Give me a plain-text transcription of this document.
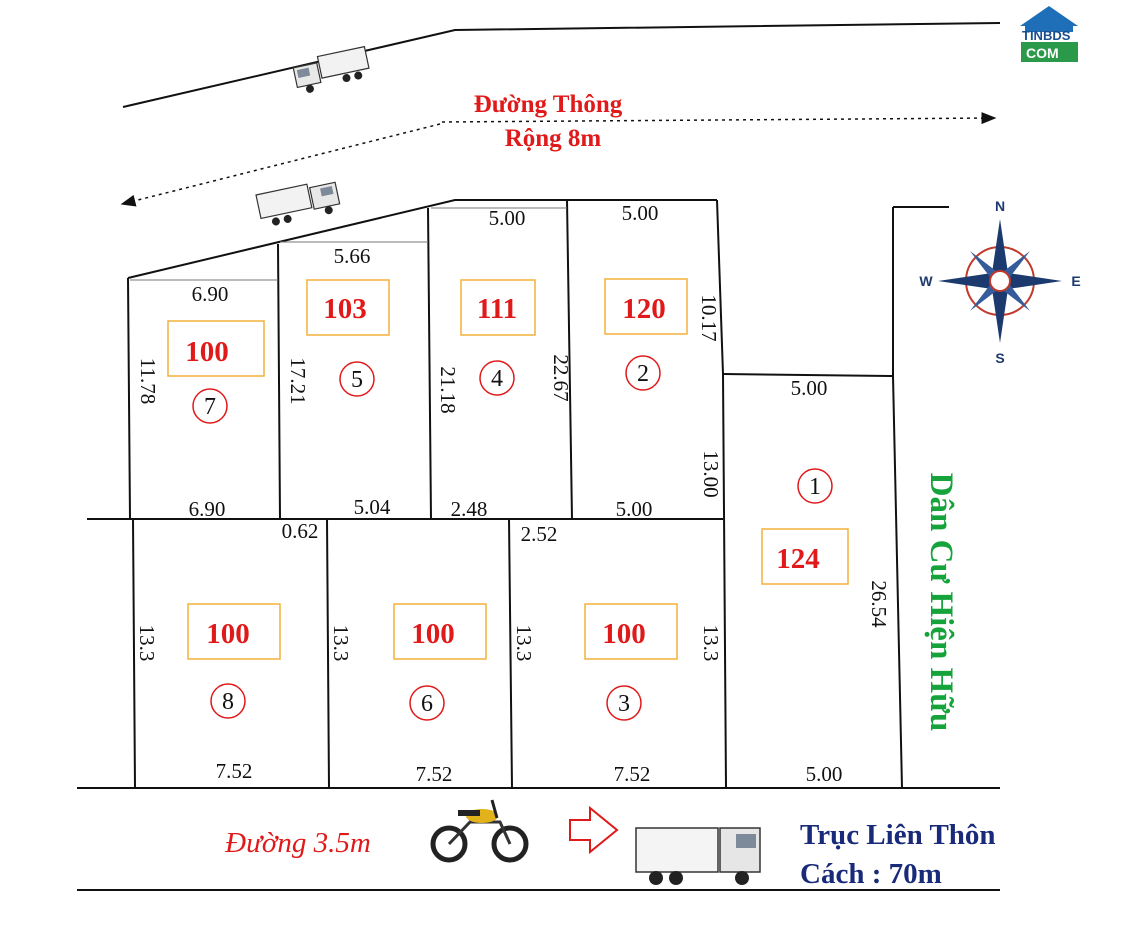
TINBDS
COM
Đường Thông
Rộng 8m
100
103	111	120
124
100	100	100
7
5	4	2
1
8	6	3
6.90
5.66
5.00	5.00
5.00
6.90	5.04	2.48	5.00
0.62	2.52
7.52	7.52	7.52	5.00
11.78	17.21	21.18	22.67
10.17
13.00
26.54
13.3	13.3	13.3	13.3	Dân Cư Hiện Hữu
N
S
E
W
Đường 3.5m	Trục Liên Thôn
Cách : 70m
